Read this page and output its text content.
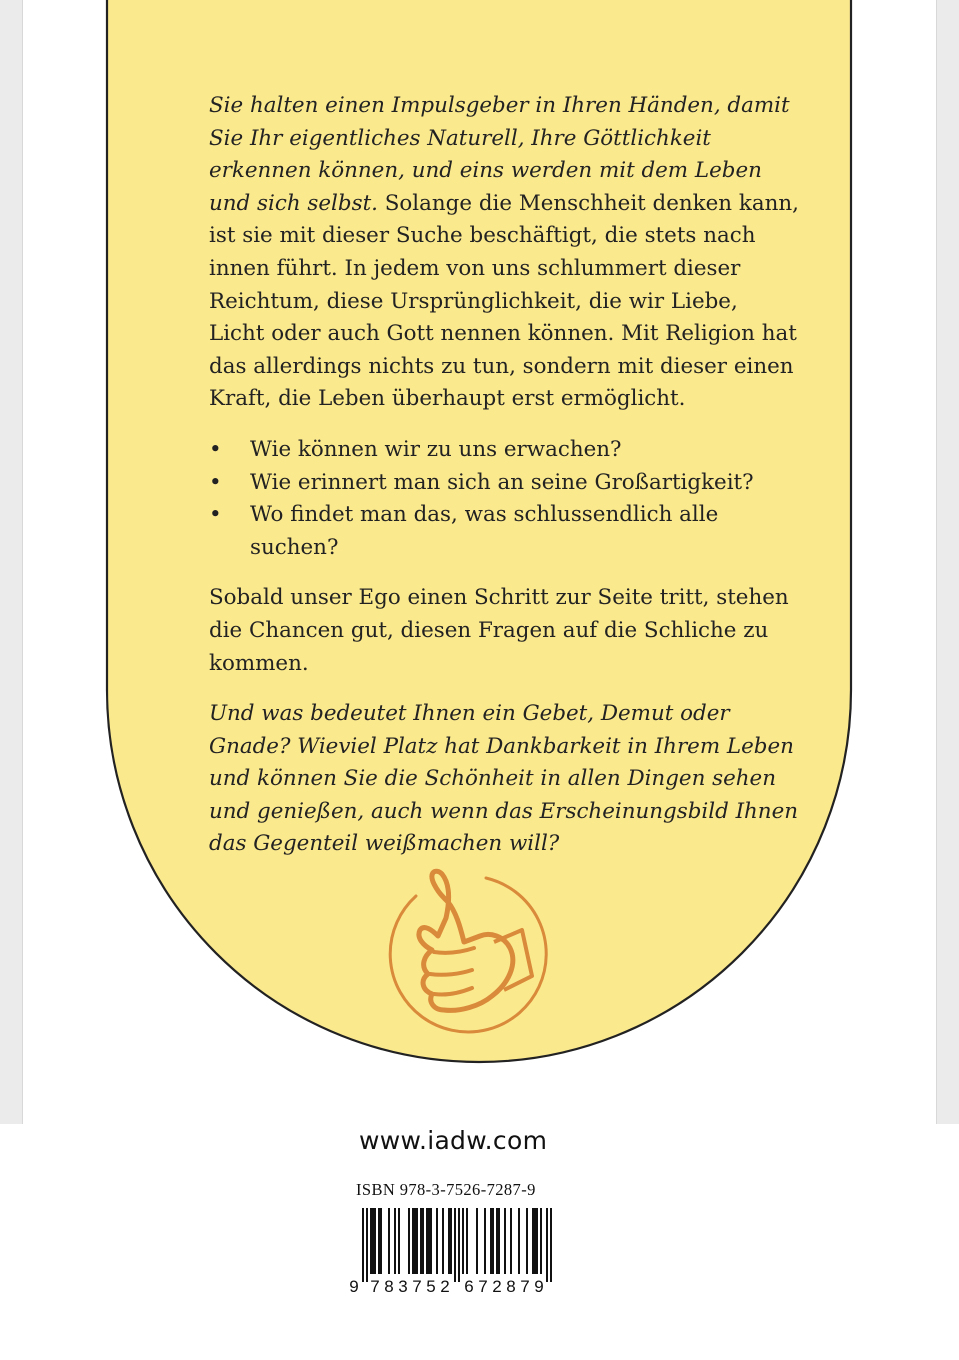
Sie halten einen Impulsgeber in Ihren Händen, damit Sie Ihr eigentliches Naturell, Ihre Göttlichkeit erkennen können, und eins werden mit dem Leben und sich selbst. Solange die Menschheit denken kann, ist sie mit dieser Suche beschäftigt, die stets nach innen führt. In jedem von uns schlummert dieser Reichtum, diese Ursprünglichkeit, die wir Liebe, Licht oder auch Gott nennen können. Mit Religion hat das allerdings nichts zu tun, sondern mit dieser einen Kraft, die Leben überhaupt erst ermöglicht.

• Wie können wir zu uns erwachen?
• Wie erinnert man sich an seine Großartigkeit?
• Wo findet man das, was schlussendlich alle suchen?

Sobald unser Ego einen Schritt zur Seite tritt, stehen die Chancen gut, diesen Fragen auf die Schliche zu kommen.

Und was bedeutet Ihnen ein Gebet, Demut oder Gnade? Wieviel Platz hat Dankbarkeit in Ihrem Leben und können Sie die Schönheit in allen Dingen sehen und genießen, auch wenn das Erscheinungsbild Ihnen das Gegenteil weißmachen will?

www.iadw.com
ISBN 978-3-7526-7287-9
9 7 8 3 7 5 2 6 7 2 8 7 9
